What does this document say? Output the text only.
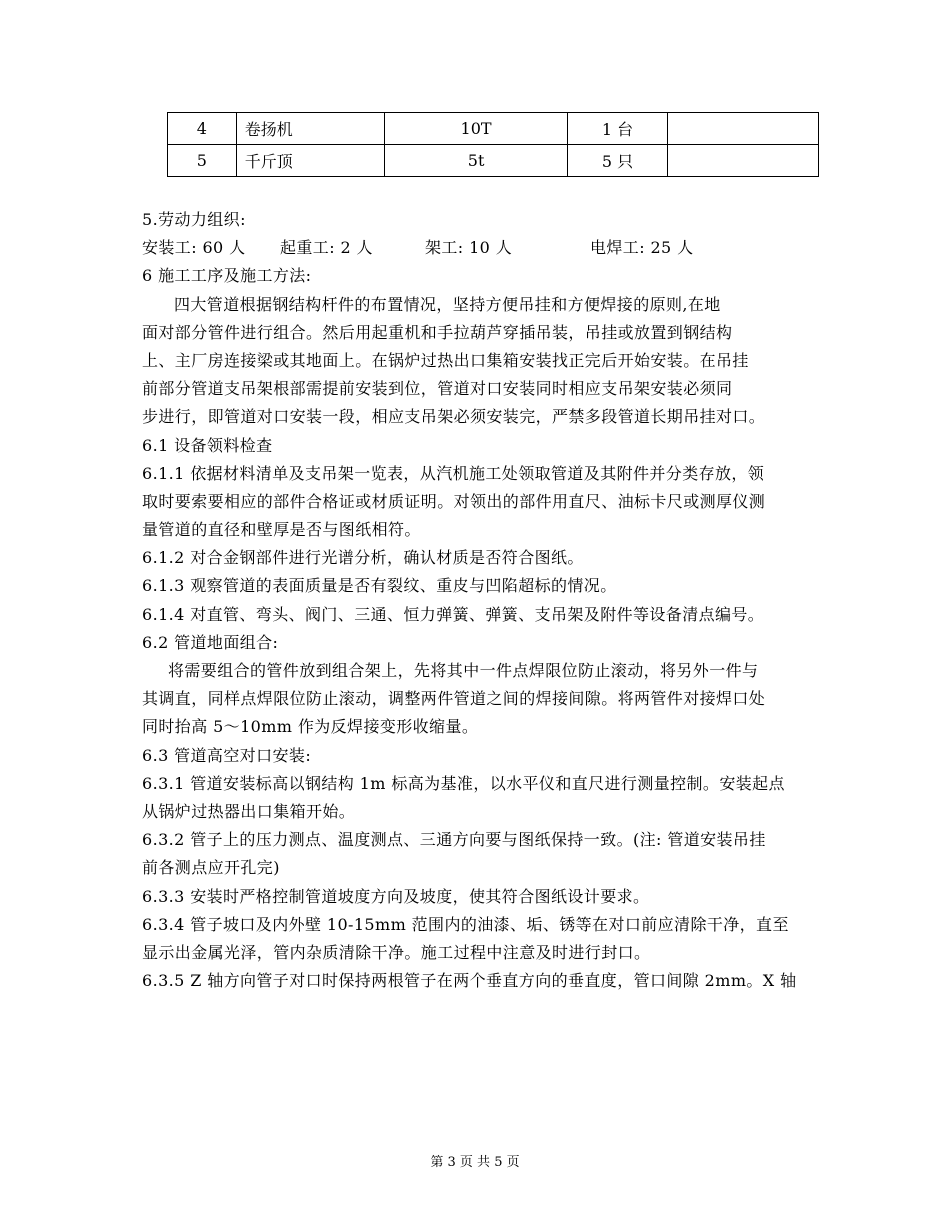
4	卷扬机	10T	1 台	
5	千斤顶	5t	5 只	
5.劳动力组织:
安装工: 60 人 起重工: 2 人	架工: 10 人	电焊工: 25 人
6 施工工序及施工方法:
四大管道根据钢结构杆件的布置情况，坚持方便吊挂和方便焊接的原则,在地
面对部分管件进行组合。然后用起重机和手拉葫芦穿插吊装，吊挂或放置到钢结构
上、主厂房连接梁或其地面上。在锅炉过热出口集箱安装找正完后开始安装。在吊挂
前部分管道支吊架根部需提前安装到位，管道对口安装同时相应支吊架安装必须同
步进行，即管道对口安装一段，相应支吊架必须安装完，严禁多段管道长期吊挂对口。
6.1 设备领料检查
6.1.1 依据材料清单及支吊架一览表，从汽机施工处领取管道及其附件并分类存放，领
取时要索要相应的部件合格证或材质证明。对领出的部件用直尺、油标卡尺或测厚仪测
量管道的直径和壁厚是否与图纸相符。
6.1.2 对合金钢部件进行光谱分析，确认材质是否符合图纸。
6.1.3 观察管道的表面质量是否有裂纹、重皮与凹陷超标的情况。
6.1.4 对直管、弯头、阀门、三通、恒力弹簧、弹簧、支吊架及附件等设备清点编号。
6.2 管道地面组合:
将需要组合的管件放到组合架上，先将其中一件点焊限位防止滚动，将另外一件与
其调直，同样点焊限位防止滚动，调整两件管道之间的焊接间隙。将两管件对接焊口处
同时抬高 5～10mm 作为反焊接变形收缩量。
6.3 管道高空对口安装:
6.3.1 管道安装标高以钢结构 1m 标高为基准，以水平仪和直尺进行测量控制。安装起点
从锅炉过热器出口集箱开始。
6.3.2 管子上的压力测点、温度测点、三通方向要与图纸保持一致。(注: 管道安装吊挂
前各测点应开孔完)
6.3.3 安装时严格控制管道坡度方向及坡度，使其符合图纸设计要求。
6.3.4 管子坡口及内外壁 10-15mm 范围内的油漆、垢、锈等在对口前应清除干净，直至
显示出金属光泽，管内杂质清除干净。施工过程中注意及时进行封口。
6.3.5 Z 轴方向管子对口时保持两根管子在两个垂直方向的垂直度，管口间隙 2mm。X 轴
第 3 页 共 5 页
